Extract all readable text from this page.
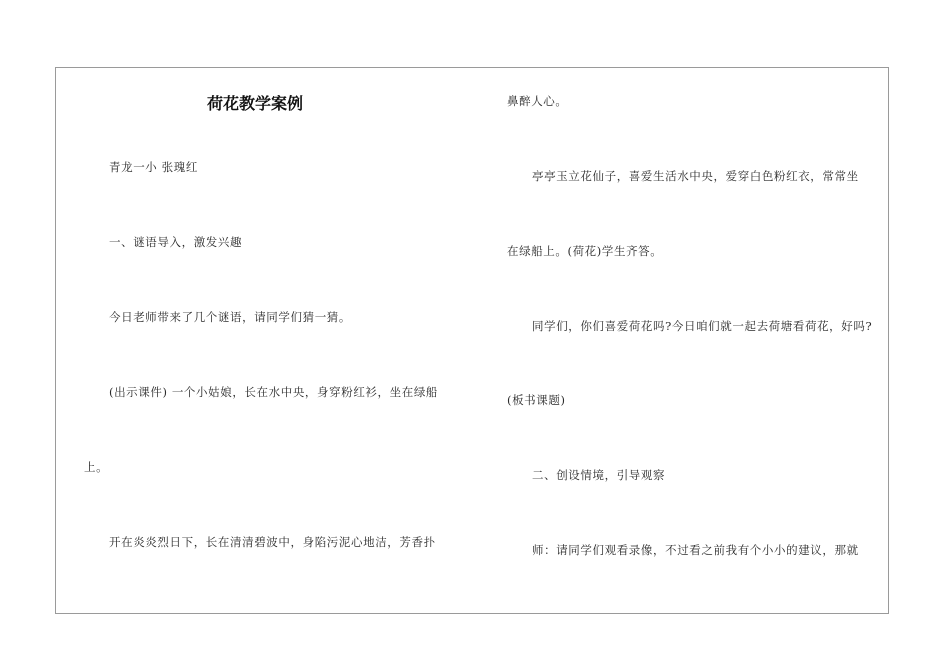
荷花教学案例
青龙一小 张瑰红
一、谜语导入，激发兴趣
今日老师带来了几个谜语，请同学们猜一猜。
(出示课件) 一个小姑娘，长在水中央，身穿粉红衫，坐在绿船
上。
开在炎炎烈日下，长在清清碧波中，身陷污泥心地洁，芳香扑
鼻醉人心。
亭亭玉立花仙子，喜爱生活水中央，爱穿白色粉红衣，常常坐
在绿船上。(荷花)学生齐答。
同学们，你们喜爱荷花吗?今日咱们就一起去荷塘看荷花，好吗?
(板书课题)
二、创设情境，引导观察
师：请同学们观看录像，不过看之前我有个小小的建议，那就
